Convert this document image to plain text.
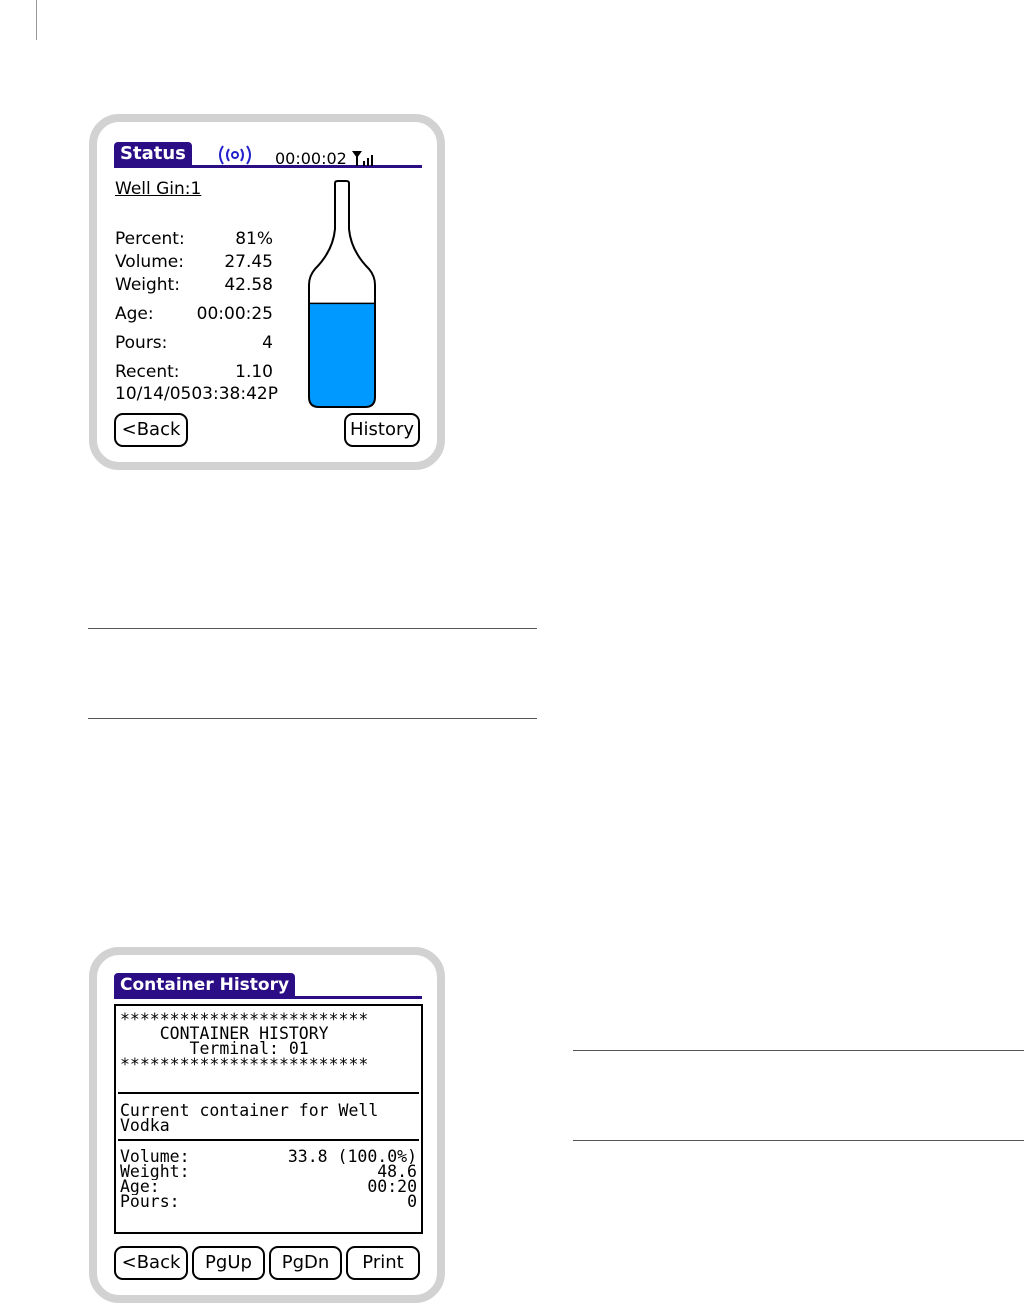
Status	00:00:02
Well Gin:1
Percent:	81%
Volume: 27.45
Weight:	42.58
Age:	00:00:25
Pours:	4
Recent:	1.10
10/14/0503:38:42P
<Back	History
Container History
*************************
CONTAINER HISTORY
Terminal: 01
*************************
Current container for Well
Vodka
Volume:	33.8 (100.0%)
Weight:	48.6
Age:	00:20
Pours:	0
<Back	PgUp	PgDn	Print
